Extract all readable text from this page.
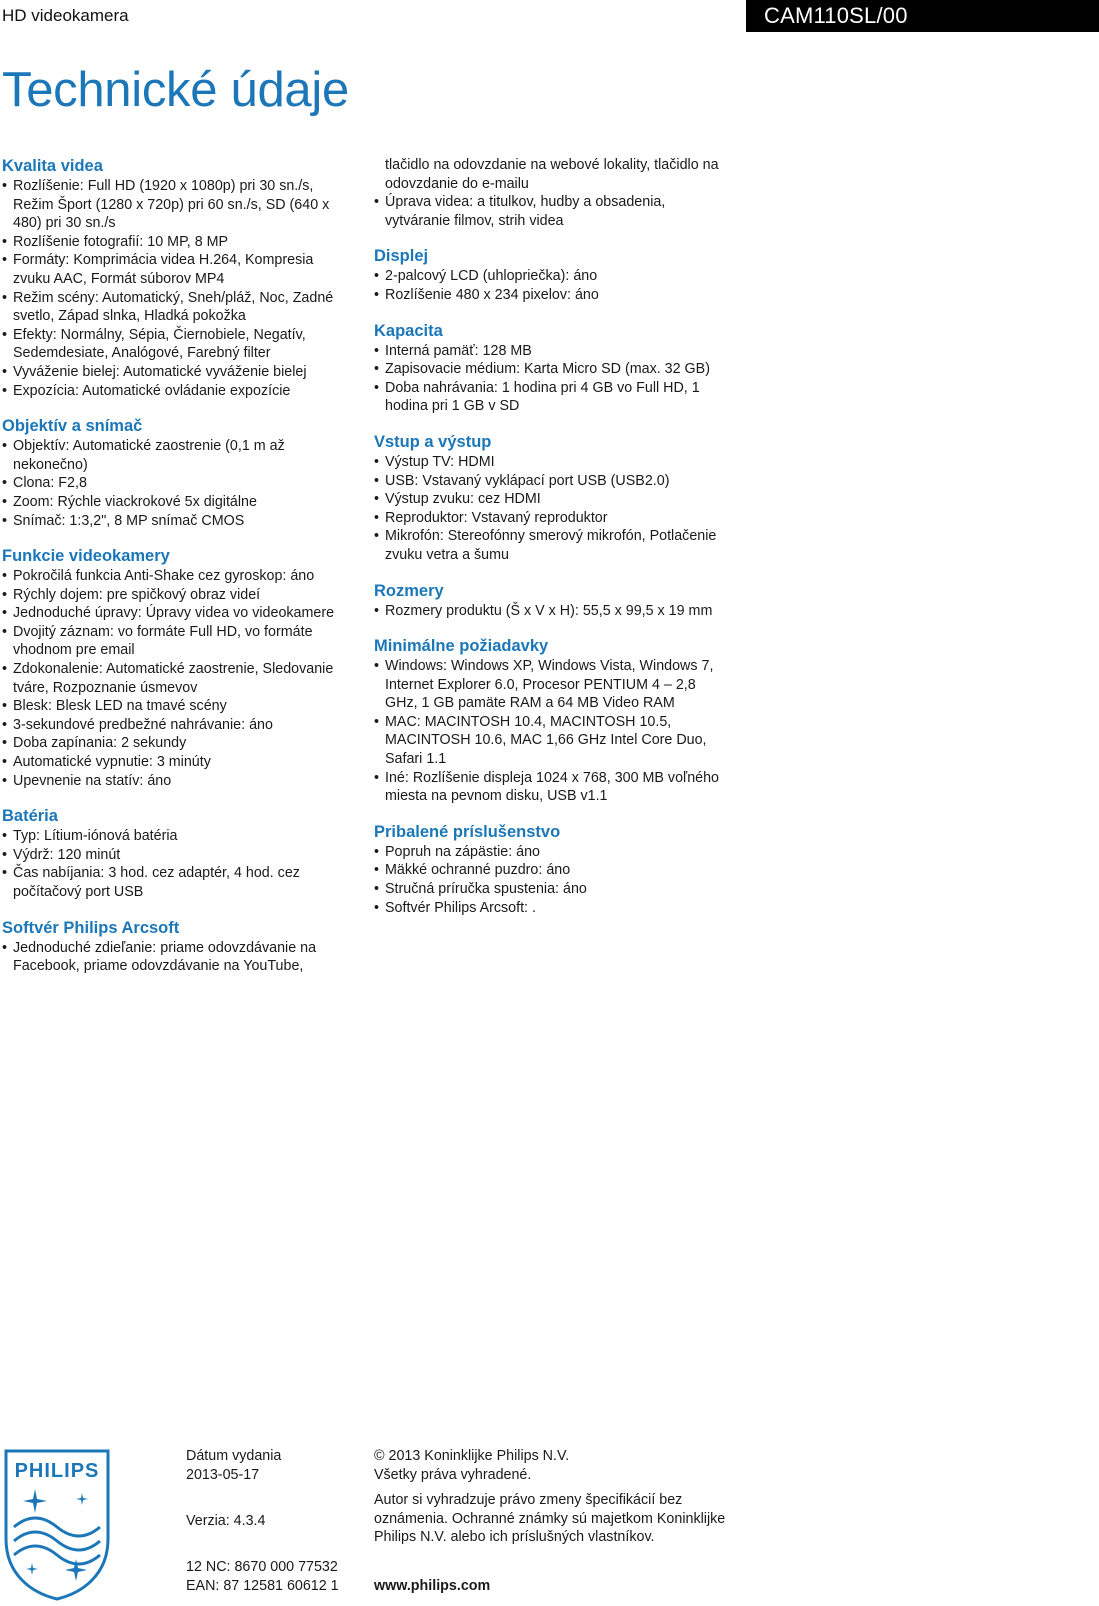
HD videokamera	CAM110SL/00
Technické údaje
Kvalita videa
• Rozlíšenie: Full HD (1920 x 1080p) pri 30 sn./s, Režim Šport (1280 x 720p) pri 60 sn./s, SD (640 x 480) pri 30 sn./s
• Rozlíšenie fotografií: 10 MP, 8 MP
• Formáty: Komprimácia videa H.264, Kompresia zvuku AAC, Formát súborov MP4
• Režim scény: Automatický, Sneh/pláž, Noc, Zadné svetlo, Západ slnka, Hladká pokožka
• Efekty: Normálny, Sépia, Čiernobiele, Negatív, Sedemdesiate, Analógové, Farebný filter
• Vyváženie bielej: Automatické vyváženie bielej
• Expozícia: Automatické ovládanie expozície
Objektív a snímač
• Objektív: Automatické zaostrenie (0,1 m až nekonečno)
• Clona: F2,8
• Zoom: Rýchle viackrokové 5x digitálne
• Snímač: 1:3,2", 8 MP snímač CMOS
Funkcie videokamery
• Pokročilá funkcia Anti-Shake cez gyroskop: áno
• Rýchly dojem: pre spičkový obraz videí
• Jednoduché úpravy: Úpravy videa vo videokamere
• Dvojitý záznam: vo formáte Full HD, vo formáte vhodnom pre email
• Zdokonalenie: Automatické zaostrenie, Sledovanie tváre, Rozpoznanie úsmevov
• Blesk: Blesk LED na tmavé scény
• 3-sekundové predbežné nahrávanie: áno
• Doba zapínania: 2 sekundy
• Automatické vypnutie: 3 minúty
• Upevnenie na statív: áno
Batéria
• Typ: Lítium-iónová batéria
• Výdrž: 120 minút
• Čas nabíjania: 3 hod. cez adaptér, 4 hod. cez počítačový port USB
Softvér Philips Arcsoft
• Jednoduché zdieľanie: priame odovzdávanie na Facebook, priame odovzdávanie na YouTube,
tlačidlo na odovzdanie na webové lokality, tlačidlo na odovzdanie do e-mailu
• Úprava videa: a titulkov, hudby a obsadenia, vytváranie filmov, strih videa
Displej
• 2-palcový LCD (uhlopriečka): áno
• Rozlíšenie 480 x 234 pixelov: áno
Kapacita
• Interná pamäť: 128 MB
• Zapisovacie médium: Karta Micro SD (max. 32 GB)
• Doba nahrávania: 1 hodina pri 4 GB vo Full HD, 1 hodina pri 1 GB v SD
Vstup a výstup
• Výstup TV: HDMI
• USB: Vstavaný vyklápací port USB (USB2.0)
• Výstup zvuku: cez HDMI
• Reproduktor: Vstavaný reproduktor
• Mikrofón: Stereofónny smerový mikrofón, Potlačenie zvuku vetra a šumu
Rozmery
• Rozmery produktu (Š x V x H): 55,5 x 99,5 x 19 mm
Minimálne požiadavky
• Windows: Windows XP, Windows Vista, Windows 7, Internet Explorer 6.0, Procesor PENTIUM 4 – 2,8 GHz, 1 GB pamäte RAM a 64 MB Video RAM
• MAC: MACINTOSH 10.4, MACINTOSH 10.5, MACINTOSH 10.6, MAC 1,66 GHz Intel Core Duo, Safari 1.1
• Iné: Rozlíšenie displeja 1024 x 768, 300 MB voľného miesta na pevnom disku, USB v1.1
Pribalené príslušenstvo
• Popruh na zápästie: áno
• Mäkké ochranné puzdro: áno
• Stručná príručka spustenia: áno
• Softvér Philips Arcsoft: .
PHILIPS
Dátum vydania
2013-05-17
Verzia: 4.3.4
12 NC: 8670 000 77532
EAN: 87 12581 60612 1
© 2013 Koninklijke Philips N.V.
Všetky práva vyhradené.
Autor si vyhradzuje právo zmeny špecifikácií bez oznámenia. Ochranné známky sú majetkom Koninklijke Philips N.V. alebo ich príslušných vlastníkov.
www.philips.com
